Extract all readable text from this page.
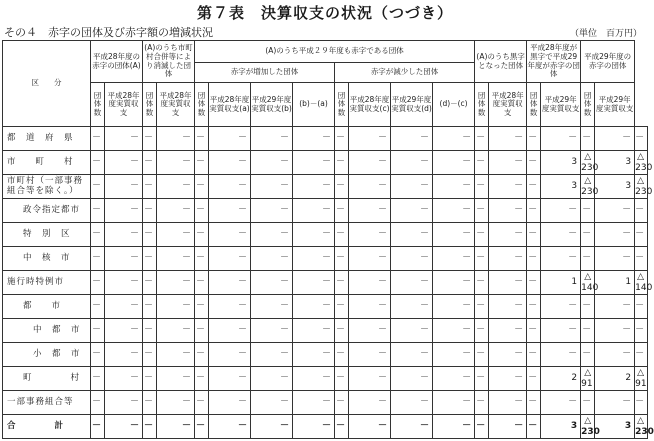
第７表　決算収支の状況（つづき）
その４　赤字の団体及び赤字額の増減状況	（単位　百万円）
区　　分	平成28年度の赤字の団体(A)		(A)のうち市町村合併等により消滅した団体		(A)のうち平成２９年度も赤字である団体								(A)のうち黒字となった団体		平成28年度が黒字で平成29年度が赤字の団体		平成29年度の赤字の団体		
					赤字が増加した団体				赤字が減少した団体										
	団体数	平成28年度実質収支	団体数	平成28年度実質収支	団体数	平成28年度実質収支(a)	平成29年度実質収支(b)	(b)－(a)	団体数	平成28年度実質収支(c)	平成29年度実質収支(d)	(d)－(c)	団体数	平成28年度実質収支	団体数	平成29年度実質収支	団体数	平成29年度実質収支	
都　道　府　県	－	－	－	－	－	－	－	－	－	－	－	－	－	－	－	－	－	－	－
市　　町　　村	－	－	－	－	－	－	－	－	－	－	－	－	－	－	－	3	△ 230	3	△ 230
市町村（一部事務組合等を除く。）	－	－	－	－	－	－	－	－	－	－	－	－	－	－	－	3	△ 230	3	△ 230
政令指定都市	－	－	－	－	－	－	－	－	－	－	－	－	－	－	－	－	－	－	－
特　別　区	－	－	－	－	－	－	－	－	－	－	－	－	－	－	－	－	－	－	－
中　核　市	－	－	－	－	－	－	－	－	－	－	－	－	－	－	－	－	－	－	－
施行時特例市	－	－	－	－	－	－	－	－	－	－	－	－	－	－	－	1	△ 140	1	△ 140
都　　市	－	－	－	－	－	－	－	－	－	－	－	－	－	－	－	－	－	－	－
中　都　市	－	－	－	－	－	－	－	－	－	－	－	－	－	－	－	－	－	－	－
小　都　市	－	－	－	－	－	－	－	－	－	－	－	－	－	－	－	－	－	－	－
町　　　　村	－	－	－	－	－	－	－	－	－	－	－	－	－	－	－	2	△　91	2	△　91
一部事務組合等	－	－	－	－	－	－	－	－	－	－	－	－	－	－	－	－	－	－	－
合　　　　計	－	－	－	－	－	－	－	－	－	－	－	－	－	－	－	3	△ 230	3	△ 230
